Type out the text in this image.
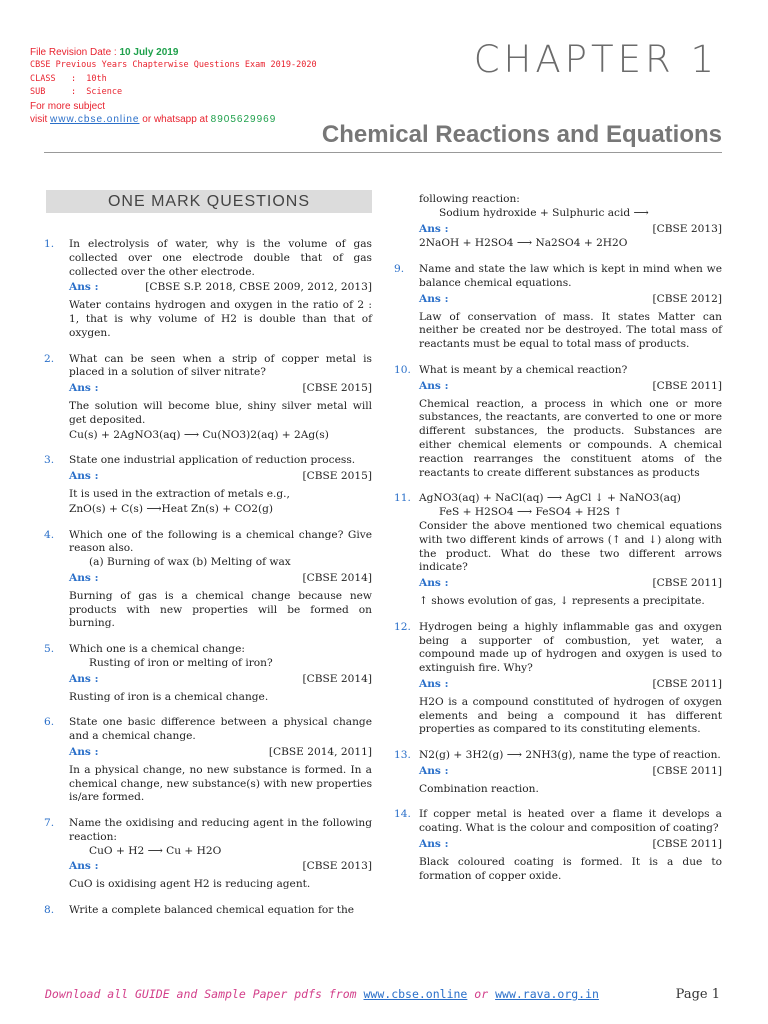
File Revision Date : 10 July 2019
CBSE Previous Years Chapterwise Questions Exam 2019-2020
CLASS   :  10th
SUB     :  Science
For more subject
visit www.cbse.online or whatsapp at 8905629969
CHAPTER 1
Chemical Reactions and Equations
ONE MARK QUESTIONS
1. In electrolysis of water, why is the volume of gas collected over one electrode double that of gas collected over the other electrode.
Ans :	[CBSE S.P. 2018, CBSE 2009, 2012, 2013]
Water contains hydrogen and oxygen in the ratio of 2 : 1, that is why volume of H2 is double than that of oxygen.
2. What can be seen when a strip of copper metal is placed in a solution of silver nitrate?
Ans :	[CBSE 2015]
The solution will become blue, shiny silver metal will get deposited.
Cu(s) + 2AgNO3(aq) ⟶ Cu(NO3)2(aq) + 2Ag(s)
3. State one industrial application of reduction process.
Ans :	[CBSE 2015]
It is used in the extraction of metals e.g.,
ZnO(s) + C(s) ⟶Heat Zn(s) + CO2(g)
4. Which one of the following is a chemical change? Give reason also.
(a) Burning of wax (b) Melting of wax
Ans :	[CBSE 2014]
Burning of gas is a chemical change because new products with new properties will be formed on burning.
5. Which one is a chemical change:
Rusting of iron or melting of iron?
Ans :	[CBSE 2014]
Rusting of iron is a chemical change.
6. State one basic difference between a physical change and a chemical change.
Ans :	[CBSE 2014, 2011]
In a physical change, no new substance is formed. In a chemical change, new substance(s) with new properties is/are formed.
7. Name the oxidising and reducing agent in the following reaction:
CuO + H2 ⟶ Cu + H2O
Ans :	[CBSE 2013]
CuO is oxidising agent H2 is reducing agent.
8. Write a complete balanced chemical equation for the
following reaction:
Sodium hydroxide + Sulphuric acid ⟶
Ans :	[CBSE 2013]
2NaOH + H2SO4 ⟶ Na2SO4 + 2H2O
9. Name and state the law which is kept in mind when we balance chemical equations.
Ans :	[CBSE 2012]
Law of conservation of mass. It states Matter can neither be created nor be destroyed. The total mass of reactants must be equal to total mass of products.
10. What is meant by a chemical reaction?
Ans :	[CBSE 2011]
Chemical reaction, a process in which one or more substances, the reactants, are converted to one or more different substances, the products. Substances are either chemical elements or compounds. A chemical reaction rearranges the constituent atoms of the reactants to create different substances as products
11. AgNO3(aq) + NaCl(aq) ⟶ AgCl ↓ + NaNO3(aq)
FeS + H2SO4 ⟶ FeSO4 + H2S ↑
Consider the above mentioned two chemical equations with two different kinds of arrows (↑ and ↓) along with the product. What do these two different arrows indicate?
Ans :	[CBSE 2011]
↑ shows evolution of gas, ↓ represents a precipitate.
12. Hydrogen being a highly inflammable gas and oxygen being a supporter of combustion, yet water, a compound made up of hydrogen and oxygen is used to extinguish fire. Why?
Ans :	[CBSE 2011]
H2O is a compound constituted of hydrogen of oxygen elements and being a compound it has different properties as compared to its constituting elements.
13. N2(g) + 3H2(g) ⟶ 2NH3(g), name the type of reaction.
Ans :	[CBSE 2011]
Combination reaction.
14. If copper metal is heated over a flame it develops a coating. What is the colour and composition of coating?
Ans :	[CBSE 2011]
Black coloured coating is formed. It is a due to formation of copper oxide.
Download all GUIDE and Sample Paper pdfs from www.cbse.online or www.rava.org.in	Page 1
